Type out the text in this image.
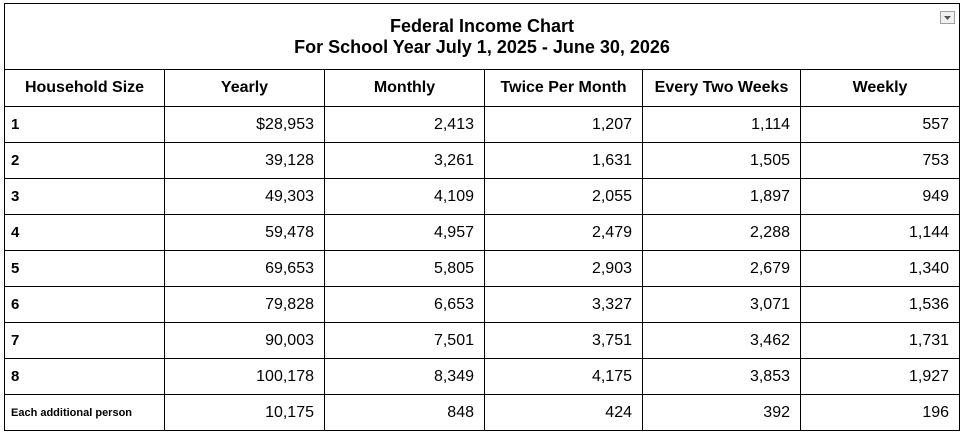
Federal Income Chart
For School Year July 1, 2025 - June 30, 2026					

Household Size	Yearly	Monthly	Twice Per Month	Every Two Weeks	Weekly
1	$28,953	2,413	1,207	1,114	557
2	39,128	3,261	1,631	1,505	753
3	49,303	4,109	2,055	1,897	949
4	59,478	4,957	2,479	2,288	1,144
5	69,653	5,805	2,903	2,679	1,340
6	79,828	6,653	3,327	3,071	1,536
7	90,003	7,501	3,751	3,462	1,731
8	100,178	8,349	4,175	3,853	1,927
Each additional person	10,175	848	424	392	196
